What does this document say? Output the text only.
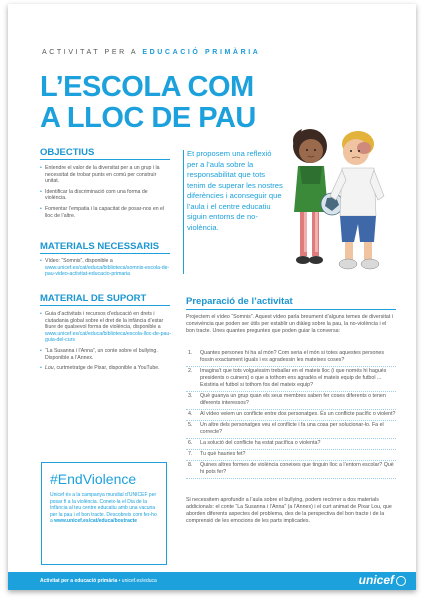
ACTIVITAT PER A EDUCACIÓ PRIMÀRIA
L’ESCOLA COM
A LLOC DE PAU
OBJECTIUS
• Entendre el valor de la diversitat per a un grup i la necessitat de trobar punts en comú per construir unitat.
• Identificar la discriminació com una forma de violència.
• Fomentar l’empatia i la capacitat de posar-nos en el lloc de l’altre.
MATERIALS NECESSARIS
• Vídeo: “Somnis”, disponible a www.unicef.es/cat/educa/biblioteca/somnis-escola-de-pau-video-activitat-educacio-primaria
MATERIAL DE SUPORT
• Guia d’activitats i recursos d’educació en drets i ciutadania global sobre el dret de la infància d’estar lliure de qualsevol forma de violència, disponible a www.unicef.es/cat/educa/biblioteca/escola-lloc-de-pau-guia-del-curs
• “La Susanna i l’Anna”, un conte sobre el bullying. Disponible a l’Annex.
• Lou, curtmetratge de Pixar, disponible a YouTube.
#EndViolence
Unicef és a la campanya mundial d’UNICEF per posar fi a la violència. Coneix-la el Dia de la Infància al teu centre educatiu amb una vacuna per la pau i el bon tracte. Descobreix com fer-ho a www.unicef.es/cat/educa/bostracte
Et proposem una reflexió per a l’aula sobre la responsabilitat que tots tenim de superar les nostres diferències i aconseguir que l’aula i el centre educatiu siguin entorns de no-violència.
Preparació de l’activitat
Projectem el vídeo “Somnis”. Aquest vídeo parla breument d’alguns temes de diversitat i convivència que poden ser útils per establir un diàleg sobre la pau, la no-violència i el bon tracte. Unes quantes preguntes que poden guiar la conversa:
1. Quantes persones hi ha al món? Com seria el món si totes aquestes persones fossin exactament iguals i es agradessin les mateixes coses?
2. Imagina’t que tots volguéssim treballar en el mateix lloc (i que només hi hagués presidents o cuiners) o que a tothom ens agradés el mateix equip de futbol ... Existiria el futbol si tothom fos del mateix equip?
3. Què guanya un grup quan els seus membres saben fer coses diferents o tenen diferents interessos?
4. Al vídeo veiem un conflicte entre dos personatges. És un conflicte pacífic o violent?
5. Un altre dels personatges veu el conflicte i fa una cosa per solucionar-lo. Fa el correcte?
6. La solució del conflicte ha estat pacífica o violenta?
7. Tu què hauries fet?
8. Quines altres formes de violència coneixes que tinguin lloc a l’entorn escolar? Què hi pots fer?
Si necessitem aprofundir a l’aula sobre el bullying, podem recórrer a dos materials addicionals: el conte “La Susanna i l’Anna” (a l’Annex) i el curt animat de Pixar Lou, que aborden diferents aspectes del problema, des de la perspectiva del bon tracte i de la comprensió de les emocions de les parts implicades.
Activitat per a educació primària • unicef.es/educa	unicef
